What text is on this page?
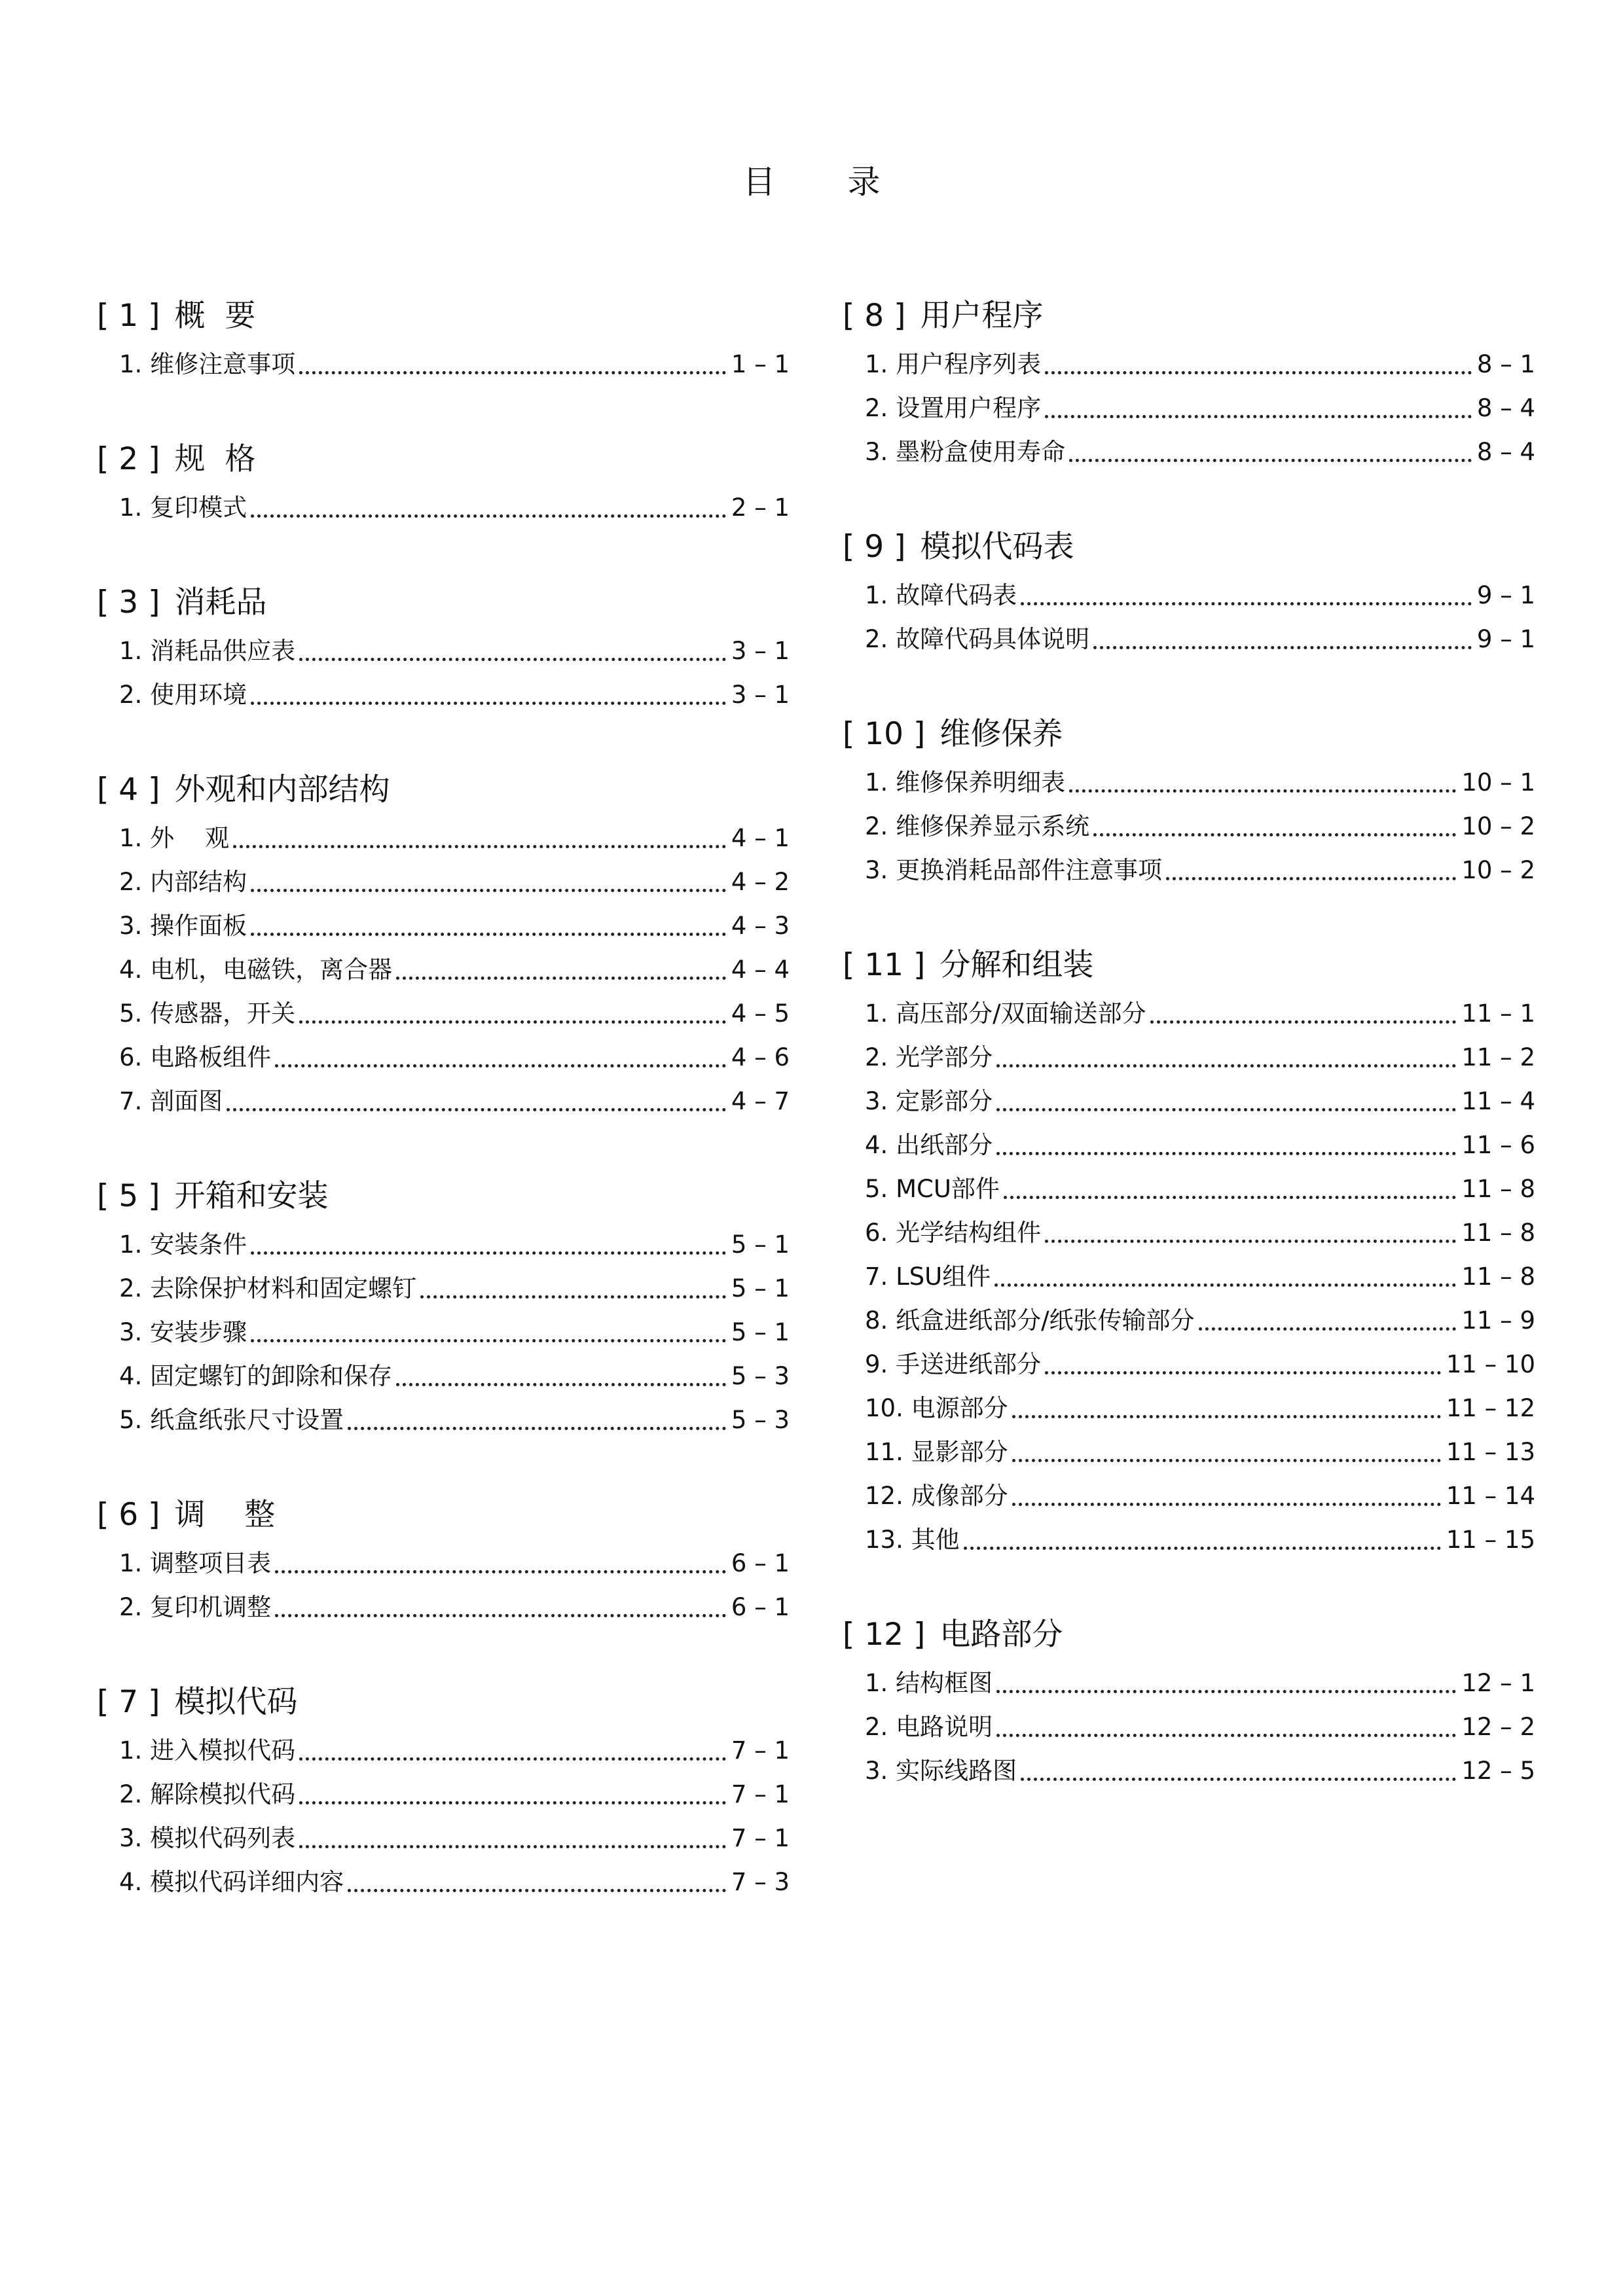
目 录
[ 1 ] 概  要
1. 维修注意事项	1 – 1
[ 2 ] 规  格
1. 复印模式	2 – 1
[ 3 ] 消耗品
1. 消耗品供应表	3 – 1
2. 使用环境	3 – 1
[ 4 ] 外观和内部结构
1. 外    观	4 – 1
2. 内部结构	4 – 2
3. 操作面板	4 – 3
4. 电机，电磁铁，离合器	4 – 4
5. 传感器，开关	4 – 5
6. 电路板组件	4 – 6
7. 剖面图	4 – 7
[ 5 ] 开箱和安装
1. 安装条件	5 – 1
2. 去除保护材料和固定螺钉	5 – 1
3. 安装步骤	5 – 1
4. 固定螺钉的卸除和保存	5 – 3
5. 纸盒纸张尺寸设置	5 – 3
[ 6 ] 调    整
1. 调整项目表	6 – 1
2. 复印机调整	6 – 1
[ 7 ] 模拟代码
1. 进入模拟代码	7 – 1
2. 解除模拟代码	7 – 1
3. 模拟代码列表	7 – 1
4. 模拟代码详细内容	7 – 3
[ 8 ] 用户程序
1. 用户程序列表	8 – 1
2. 设置用户程序	8 – 4
3. 墨粉盒使用寿命	8 – 4
[ 9 ] 模拟代码表
1. 故障代码表	9 – 1
2. 故障代码具体说明	9 – 1
[ 10 ] 维修保养
1. 维修保养明细表	10 – 1
2. 维修保养显示系统	10 – 2
3. 更换消耗品部件注意事项	10 – 2
[ 11 ] 分解和组装
1. 高压部分/双面输送部分	11 – 1
2. 光学部分	11 – 2
3. 定影部分	11 – 4
4. 出纸部分	11 – 6
5. MCU部件	11 – 8
6. 光学结构组件	11 – 8
7. LSU组件	11 – 8
8. 纸盒进纸部分/纸张传输部分	11 – 9
9. 手送进纸部分	11 – 10
10. 电源部分	11 – 12
11. 显影部分	11 – 13
12. 成像部分	11 – 14
13. 其他	11 – 15
[ 12 ] 电路部分
1. 结构框图	12 – 1
2. 电路说明	12 – 2
3. 实际线路图	12 – 5
